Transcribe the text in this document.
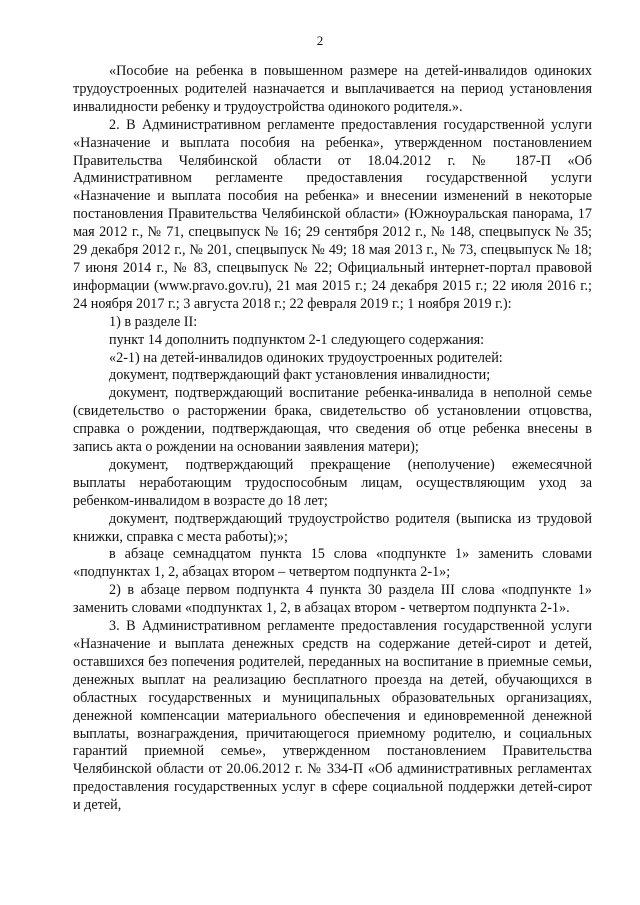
2

«Пособие на ребенка в повышенном размере на детей-инвалидов одиноких трудоустроенных родителей назначается и выплачивается на период установления инвалидности ребенку и трудоустройства одинокого родителя.».

2. В Административном регламенте предоставления государственной услуги «Назначение и выплата пособия на ребенка», утвержденном постановлением Правительства Челябинской области от 18.04.2012 г. № 187-П «Об Административном регламенте предоставления государственной услуги «Назначение и выплата пособия на ребенка» и внесении изменений в некоторые постановления Правительства Челябинской области» (Южноуральская панорама, 17 мая 2012 г., № 71, спецвыпуск № 16; 29 сентября 2012 г., № 148, спецвыпуск № 35; 29 декабря 2012 г., № 201, спецвыпуск № 49; 18 мая 2013 г., № 73, спецвыпуск № 18; 7 июня 2014 г., № 83, спецвыпуск № 22; Официальный интернет-портал правовой информации (www.pravo.gov.ru), 21 мая 2015 г.; 24 декабря 2015 г.; 22 июля 2016 г.; 24 ноября 2017 г.; 3 августа 2018 г.; 22 февраля 2019 г.; 1 ноября 2019 г.):

1) в разделе II:

пункт 14 дополнить подпунктом 2-1 следующего содержания:

«2-1) на детей-инвалидов одиноких трудоустроенных родителей:

документ, подтверждающий факт установления инвалидности;

документ, подтверждающий воспитание ребенка-инвалида в неполной семье (свидетельство о расторжении брака, свидетельство об установлении отцовства, справка о рождении, подтверждающая, что сведения об отце ребенка внесены в запись акта о рождении на основании заявления матери);

документ, подтверждающий прекращение (неполучение) ежемесячной выплаты неработающим трудоспособным лицам, осуществляющим уход за ребенком-инвалидом в возрасте до 18 лет;

документ, подтверждающий трудоустройство родителя (выписка из трудовой книжки, справка с места работы);»;

в абзаце семнадцатом пункта 15 слова «подпункте 1» заменить словами «подпунктах 1, 2, абзацах втором – четвертом подпункта 2-1»;

2) в абзаце первом подпункта 4 пункта 30 раздела III слова «подпункте 1» заменить словами «подпунктах 1, 2, в абзацах втором - четвертом подпункта 2-1».

3. В Административном регламенте предоставления государственной услуги «Назначение и выплата денежных средств на содержание детей-сирот и детей, оставшихся без попечения родителей, переданных на воспитание в приемные семьи, денежных выплат на реализацию бесплатного проезда на детей, обучающихся в областных государственных и муниципальных образовательных организациях, денежной компенсации материального обеспечения и единовременной денежной выплаты, вознаграждения, причитающегося приемному родителю, и социальных гарантий приемной семье», утвержденном постановлением Правительства Челябинской области от 20.06.2012 г. № 334-П «Об административных регламентах предоставления государственных услуг в сфере социальной поддержки детей-сирот и детей,
